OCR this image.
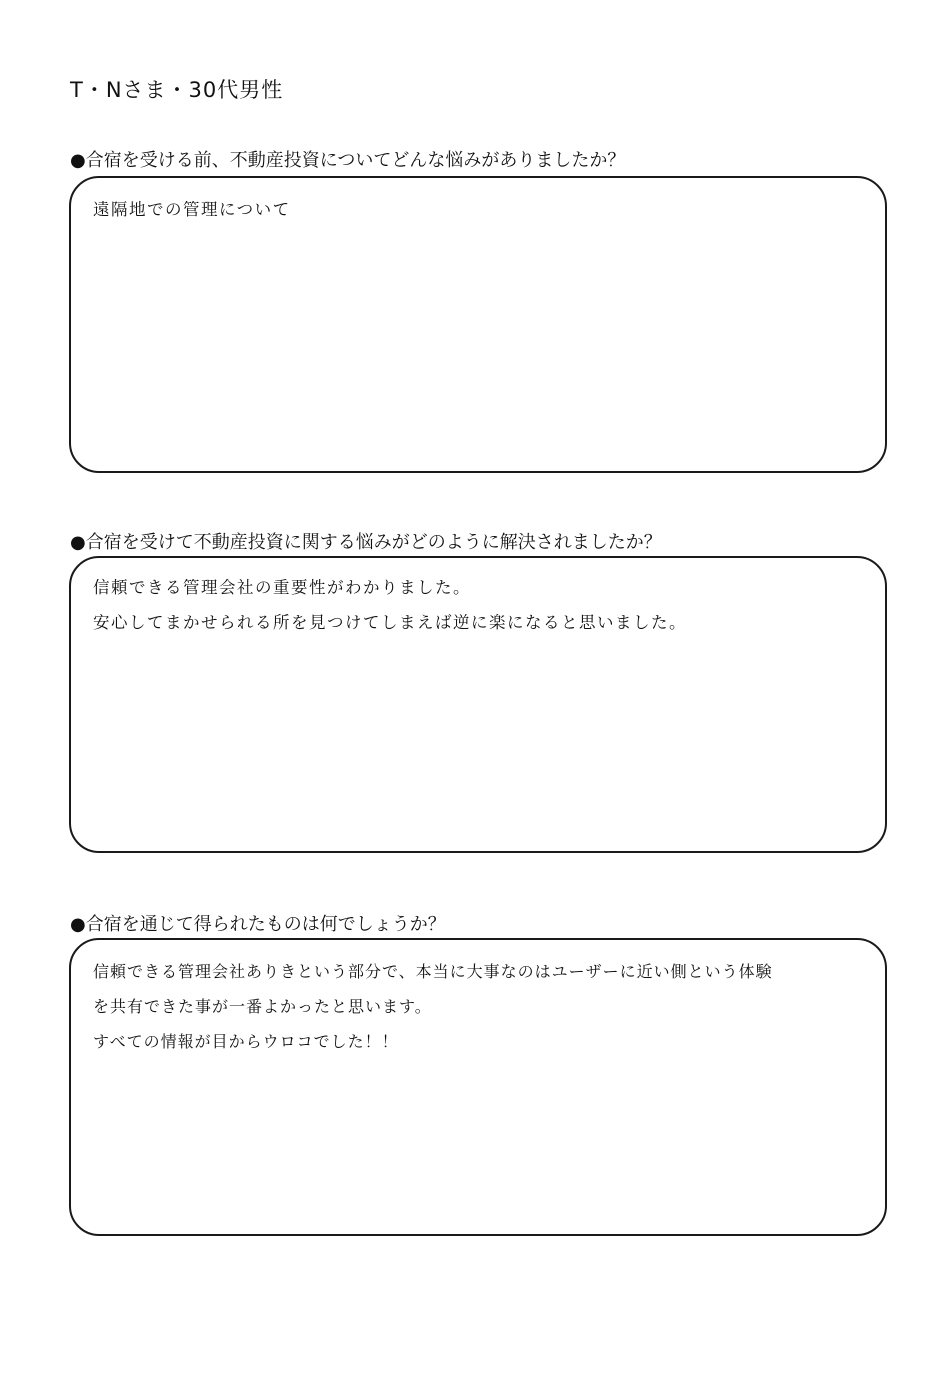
T・Nさま・30代男性
●合宿を受ける前、不動産投資についてどんな悩みがありましたか？
遠隔地での管理について
●合宿を受けて不動産投資に関する悩みがどのように解決されましたか？
信頼できる管理会社の重要性がわかりました。
安心してまかせられる所を見つけてしまえば逆に楽になると思いました。
●合宿を通じて得られたものは何でしょうか？
信頼できる管理会社ありきという部分で、本当に大事なのはユーザーに近い側という体験
を共有できた事が一番よかったと思います。
すべての情報が目からウロコでした！！
